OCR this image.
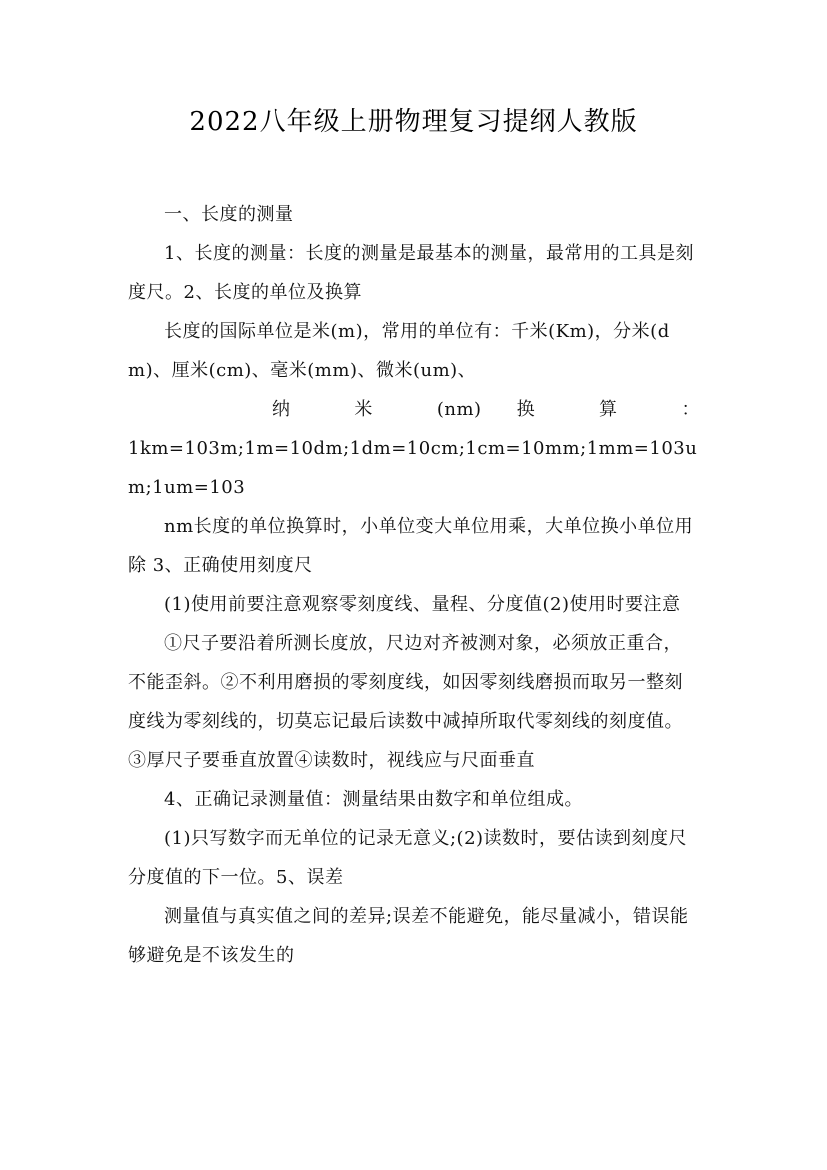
2022八年级上册物理复习提纲人教版

一、长度的测量

1、长度的测量：长度的测量是最基本的测量，最常用的工具是刻度尺。2、长度的单位及换算

长度的国际单位是米(m)，常用的单位有：千米(Km)，分米(dm)、厘米(cm)、毫米(mm)、微米(um)、

纳 米 (nm) 换 算 ：

1km=103m;1m=10dm;1dm=10cm;1cm=10mm;1mm=103um;1um=103

nm长度的单位换算时，小单位变大单位用乘，大单位换小单位用除 3、正确使用刻度尺

(1)使用前要注意观察零刻度线、量程、分度值(2)使用时要注意

①尺子要沿着所测长度放，尺边对齐被测对象，必须放正重合，不能歪斜。②不利用磨损的零刻度线，如因零刻线磨损而取另一整刻度线为零刻线的，切莫忘记最后读数中减掉所取代零刻线的刻度值。③厚尺子要垂直放置④读数时，视线应与尺面垂直

4、正确记录测量值：测量结果由数字和单位组成。

(1)只写数字而无单位的记录无意义;(2)读数时，要估读到刻度尺分度值的下一位。5、误差

测量值与真实值之间的差异;误差不能避免，能尽量减小，错误能够避免是不该发生的
